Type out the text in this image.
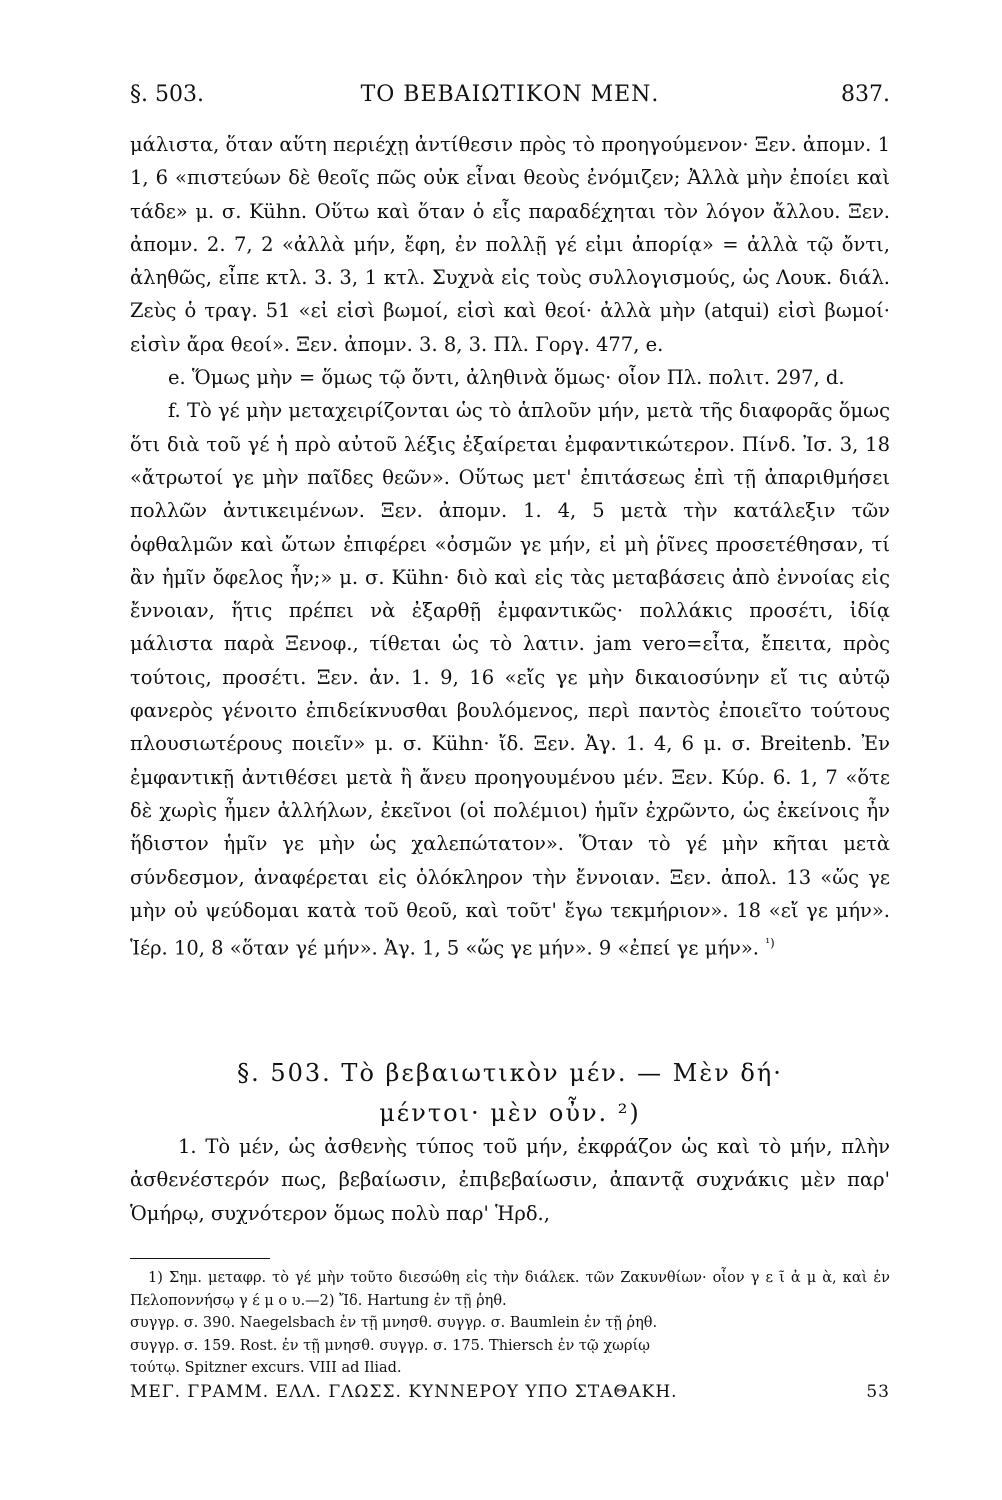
§. 503.	ΤΟ ΒΕΒΑΙΩΤΙΚΟΝ ΜΕΝ.	837.

μάλιστα, ὅταν αὕτη περιέχῃ ἀντίθεσιν πρὸς τὸ προηγούμενον· Ξεν. ἀπομν. 1 1, 6 «πιστεύων δὲ θεοῖς πῶς οὐκ εἶναι θεοὺς ἐνόμιζεν; Ἀλλὰ μὴν ἐποίει καὶ τάδε» μ. σ. Kühn. Οὕτω καὶ ὅταν ὁ εἷς παραδέχηται τὸν λόγον ἄλλου. Ξεν. ἀπομν. 2. 7, 2 «ἀλλὰ μήν, ἔφη, ἐν πολλῇ γέ εἰμι ἀπορίᾳ» = ἀλλὰ τῷ ὄντι, ἀληθῶς, εἶπε κτλ. 3. 3, 1 κτλ. Συχνὰ εἰς τοὺς συλλογισμούς, ὡς Λουκ. διάλ. Ζεὺς ὁ τραγ. 51 «εἰ εἰσὶ βωμοί, εἰσὶ καὶ θεοί· ἀλλὰ μὴν (atqui) εἰσὶ βωμοί· εἰσὶν ἄρα θεοί». Ξεν. ἀπομν. 3. 8, 3. Πλ. Γοργ. 477, e.

e. Ὅμως μὴν = ὅμως τῷ ὄντι, ἀληθινὰ ὅμως· οἷον Πλ. πολιτ. 297, d.

f. Τὸ γέ μὴν μεταχειρίζονται ὡς τὸ ἁπλοῦν μήν, μετὰ τῆς διαφορᾶς ὅμως ὅτι διὰ τοῦ γέ ἡ πρὸ αὐτοῦ λέξις ἐξαίρεται ἐμφαντικώτερον. Πίνδ. Ἰσ. 3, 18 «ἄτρωτοί γε μὴν παῖδες θεῶν». Οὕτως μετ' ἐπιτάσεως ἐπὶ τῇ ἀπαριθμήσει πολλῶν ἀντικειμένων. Ξεν. ἀπομν. 1. 4, 5 μετὰ τὴν κατάλεξιν τῶν ὀφθαλμῶν καὶ ὤτων ἐπιφέρει «ὀσμῶν γε μήν, εἰ μὴ ῥῖνες προσετέθησαν, τί ἂν ἡμῖν ὄφελος ἦν;» μ. σ. Kühn· διὸ καὶ εἰς τὰς μεταβάσεις ἀπὸ ἐννοίας εἰς ἔννοιαν, ἥτις πρέπει νὰ ἐξαρθῇ ἐμφαντικῶς· πολλάκις προσέτι, ἰδίᾳ μάλιστα παρὰ Ξενοφ., τίθεται ὡς τὸ λατιν. jam vero=εἶτα, ἔπειτα, πρὸς τούτοις, προσέτι. Ξεν. ἀν. 1. 9, 16 «εἴς γε μὴν δικαιοσύνην εἴ τις αὐτῷ φανερὸς γένοιτο ἐπιδείκνυσθαι βουλόμενος, περὶ παντὸς ἐποιεῖτο τούτους πλουσιωτέρους ποιεῖν» μ. σ. Kühn· ἴδ. Ξεν. Ἀγ. 1. 4, 6 μ. σ. Breitenb. Ἐν ἐμφαντικῇ ἀντιθέσει μετὰ ἢ ἄνευ προηγουμένου μέν. Ξεν. Κύρ. 6. 1, 7 «ὅτε δὲ χωρὶς ἦμεν ἀλλήλων, ἐκεῖνοι (οἱ πολέμιοι) ἡμῖν ἐχρῶντο, ὡς ἐκείνοις ἦν ἥδιστον ἡμῖν γε μὴν ὡς χαλεπώτατον». Ὅταν τὸ γέ μὴν κῆται μετὰ σύνδεσμον, ἀναφέρεται εἰς ὁλόκληρον τὴν ἔννοιαν. Ξεν. ἀπολ. 13 «ὥς γε μὴν οὐ ψεύδομαι κατὰ τοῦ θεοῦ, καὶ τοῦτ' ἔγω τεκμήριον». 18 «εἴ γε μήν». Ἱέρ. 10, 8 «ὅταν γέ μήν». Ἀγ. 1, 5 «ὥς γε μήν». 9 «ἐπεί γε μήν». $^{^1)}$

§. 503. Τὸ βεβαιωτικὸν μέν. — Μὲν δή·
μέντοι· μὲν οὖν. ²)

1. Τὸ μέν, ὡς ἀσθενὴς τύπος τοῦ μήν, ἐκφράζον ὡς καὶ τὸ μήν, πλὴν ἀσθενέστερόν πως, βεβαίωσιν, ἐπιβεβαίωσιν, ἀπαντᾷ συχνάκις μὲν παρ' Ὁμήρῳ, συχνότερον ὅμως πολὺ παρ' Ἡρδ.,

1) Σημ. μεταφρ. τὸ γέ μὴν τοῦτο διεσώθη εἰς τὴν διάλεκ. τῶν Ζακυνθίων· οἷον γ ε ῖ ἀ μ ὰ, καὶ ἐν Πελοποννήσῳ γ έ μ ο υ.—2) Ἴδ. Hartung ἐν τῇ ῥηθ.

συγγρ. σ. 390. Naegelsbach ἐν τῇ μνησθ. συγγρ. σ. Baumlein ἐν τῇ ῥηθ.

συγγρ. σ. 159. Rost. ἐν τῇ μνησθ. συγγρ. σ. 175. Thiersch ἐν τῷ χωρίῳ

τούτῳ. Spitzner excurs. VIII ad Iliad.

ΜΕΓ. ΓΡΑΜΜ. ΕΛΛ. ΓΛΩΣΣ. ΚΥΝΝΕΡΟΥ ΥΠΟ ΣΤΑΘΑΚΗ.	53
